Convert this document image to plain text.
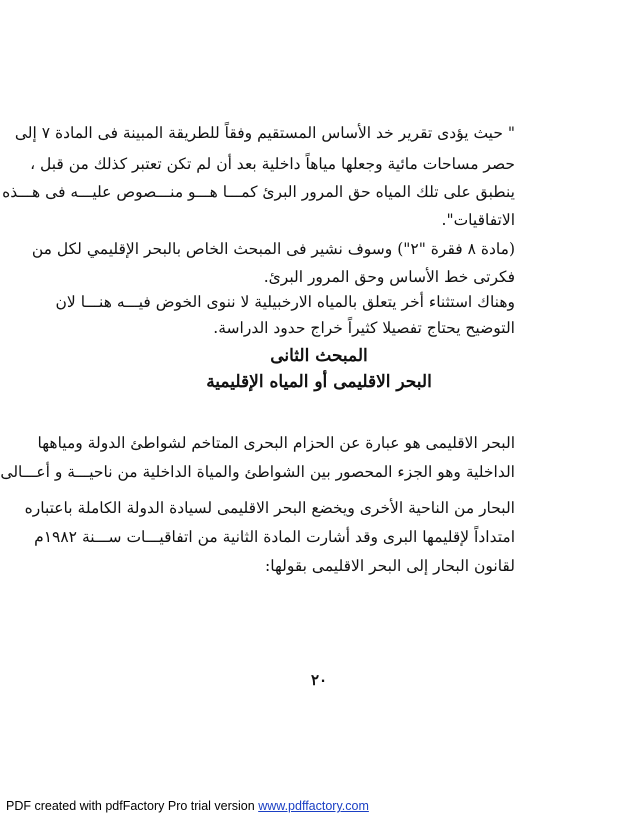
" حيث يؤدى تقرير خد الأساس المستقيم وفقاً للطريقة المبينة فى المادة ٧ إلى
حصر مساحات مائية وجعلها مياهاً داخلية بعد أن لم تكن تعتبر كذلك من قبل ،
ينطبق على تلك المياه حق المرور البرئ كمـــا هـــو منـــصوص عليـــه فى هـــذه
الاتفاقيات".
(مادة ٨ فقرة "٢") وسوف نشير فى المبحث الخاص بالبحر الإقليمي لكل من
فكرتى خط الأساس وحق المرور البرئ.
وهناك استثناء أخر يتعلق بالمياه الارخبيلية لا ننوى الخوض فيـــه هنـــا لان
التوضيح يحتاج تفصيلا كثيراً خراج حدود الدراسة.
المبحث الثانى
البحر الاقليمى أو المياه الإقليمية
البحر الاقليمى هو عبارة عن الحزام البحرى المتاخم لشواطئ الدولة ومياهها
الداخلية وهو الجزء المحصور بين الشواطئ والمياة الداخلية من ناحيـــة و أعـــالى
البحار من الناحية الأخرى ويخضع البحر الاقليمى لسيادة الدولة الكاملة باعتباره
امتداداً لإقليمها البرى وقد أشارت المادة الثانية من اتفاقيـــات ســـنة ١٩٨٢م
لقانون البحار إلى البحر الاقليمى بقولها:
٢٠
PDF created with pdfFactory Pro trial version www.pdffactory.com
